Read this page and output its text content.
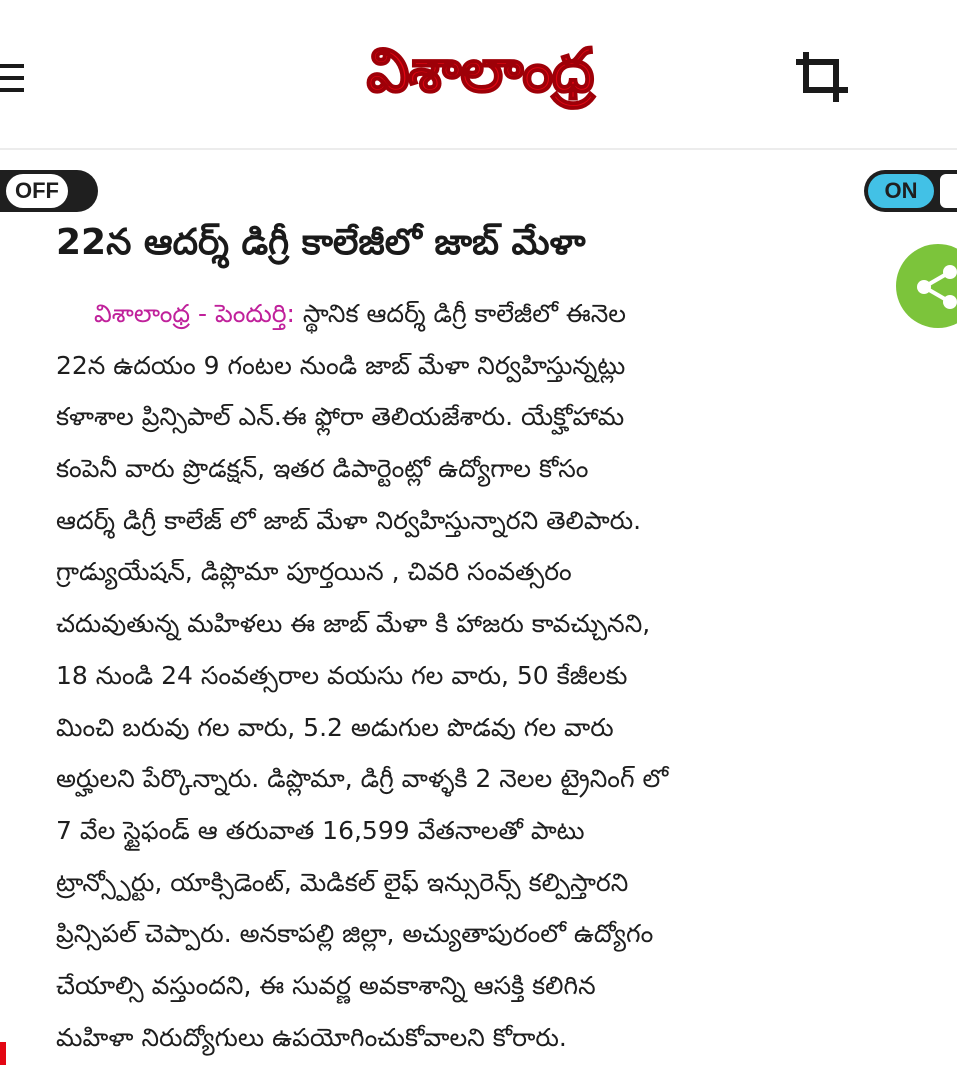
విశాలాంధ్ర
OFF	ON
22న ఆదర్శ్ డిగ్రీ కాలేజీలో జాబ్ మేళా
విశాలాంధ్ర - పెందుర్తి: స్థానిక ఆదర్శ్ డిగ్రీ కాలేజీలో ఈనెల
22న ఉదయం 9 గంటల నుండి జాబ్ మేళా నిర్వహిస్తున్నట్లు
కళాశాల ప్రిన్సిపాల్ ఎన్.ఈ ఫ్లోరా తెలియజేశారు. యేక్హోహామ
కంపెనీ వారు ప్రొడక్షన్, ఇతర డిపార్టెంట్లో ఉద్యోగాల కోసం
ఆదర్శ్ డిగ్రీ కాలేజ్ లో జాబ్ మేళా నిర్వహిస్తున్నారని తెలిపారు.
గ్రాడ్యుయేషన్, డిప్లొమా పూర్తయిన , చివరి సంవత్సరం
చదువుతున్న మహిళలు ఈ జాబ్ మేళా కి హాజరు కావచ్చునని,
18 నుండి 24 సంవత్సరాల వయసు గల వారు, 50 కేజీలకు
మించి బరువు గల వారు, 5.2 అడుగుల పొడవు గల వారు
అర్హులని పేర్కొన్నారు. డిప్లొమా, డిగ్రీ వాళ్ళకి 2 నెలల ట్రైనింగ్ లో
7 వేల స్టైఫండ్ ఆ తరువాత 16,599 వేతనాలతో పాటు
ట్రాన్స్పోర్టు, యాక్సిడెంట్, మెడికల్ లైఫ్ ఇన్సురెన్స్ కల్పిస్తారని
ప్రిన్సిపల్ చెప్పారు. అనకాపల్లి జిల్లా, అచ్యుతాపురంలో ఉద్యోగం
చేయాల్సి వస్తుందని, ఈ సువర్ణ అవకాశాన్ని ఆసక్తి కలిగిన
మహిళా నిరుద్యోగులు ఉపయోగించుకోవాలని కోరారు.
